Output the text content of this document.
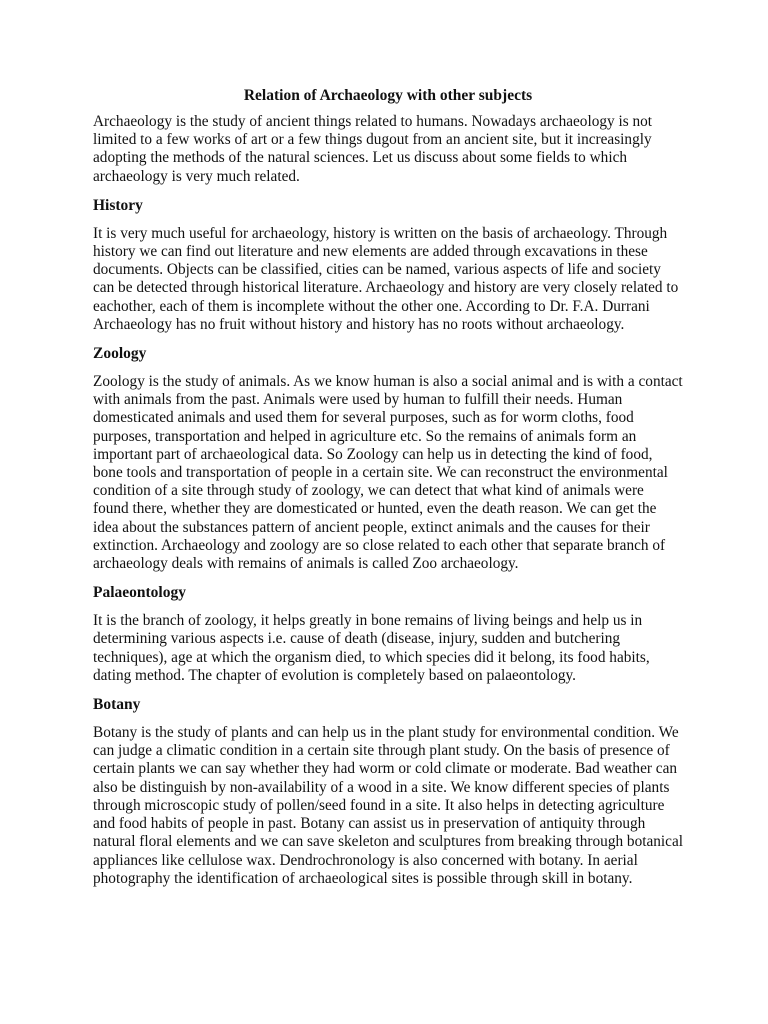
Relation of Archaeology with other subjects

Archaeology is the study of ancient things related to humans. Nowadays archaeology is not limited to a few works of art or a few things dugout from an ancient site, but it increasingly adopting the methods of the natural sciences. Let us discuss about some fields to which archaeology is very much related.

History

It is very much useful for archaeology, history is written on the basis of archaeology. Through history we can find out literature and new elements are added through excavations in these documents. Objects can be classified, cities can be named, various aspects of life and society can be detected through historical literature. Archaeology and history are very closely related to eachother, each of them is incomplete without the other one. According to Dr. F.A. Durrani Archaeology has no fruit without history and history has no roots without archaeology.

Zoology

Zoology is the study of animals. As we know human is also a social animal and is with a contact with animals from the past. Animals were used by human to fulfill their needs. Human domesticated animals and used them for several purposes, such as for worm cloths, food purposes, transportation and helped in agriculture etc. So the remains of animals form an important part of archaeological data. So Zoology can help us in detecting the kind of food, bone tools and transportation of people in a certain site. We can reconstruct the environmental condition of a site through study of zoology, we can detect that what kind of animals were found there, whether they are domesticated or hunted, even the death reason. We can get the idea about the substances pattern of ancient people, extinct animals and the causes for their extinction. Archaeology and zoology are so close related to each other that separate branch of archaeology deals with remains of animals is called Zoo archaeology.

Palaeontology

It is the branch of zoology, it helps greatly in bone remains of living beings and help us in determining various aspects i.e. cause of death (disease, injury, sudden and butchering techniques), age at which the organism died, to which species did it belong, its food habits, dating method. The chapter of evolution is completely based on palaeontology.

Botany

Botany is the study of plants and can help us in the plant study for environmental condition. We can judge a climatic condition in a certain site through plant study. On the basis of presence of certain plants we can say whether they had worm or cold climate or moderate. Bad weather can also be distinguish by non-availability of a wood in a site. We know different species of plants through microscopic study of pollen/seed found in a site. It also helps in detecting agriculture and food habits of people in past. Botany can assist us in preservation of antiquity through natural floral elements and we can save skeleton and sculptures from breaking through botanical appliances like cellulose wax. Dendrochronology is also concerned with botany. In aerial photography the identification of archaeological sites is possible through skill in botany.
